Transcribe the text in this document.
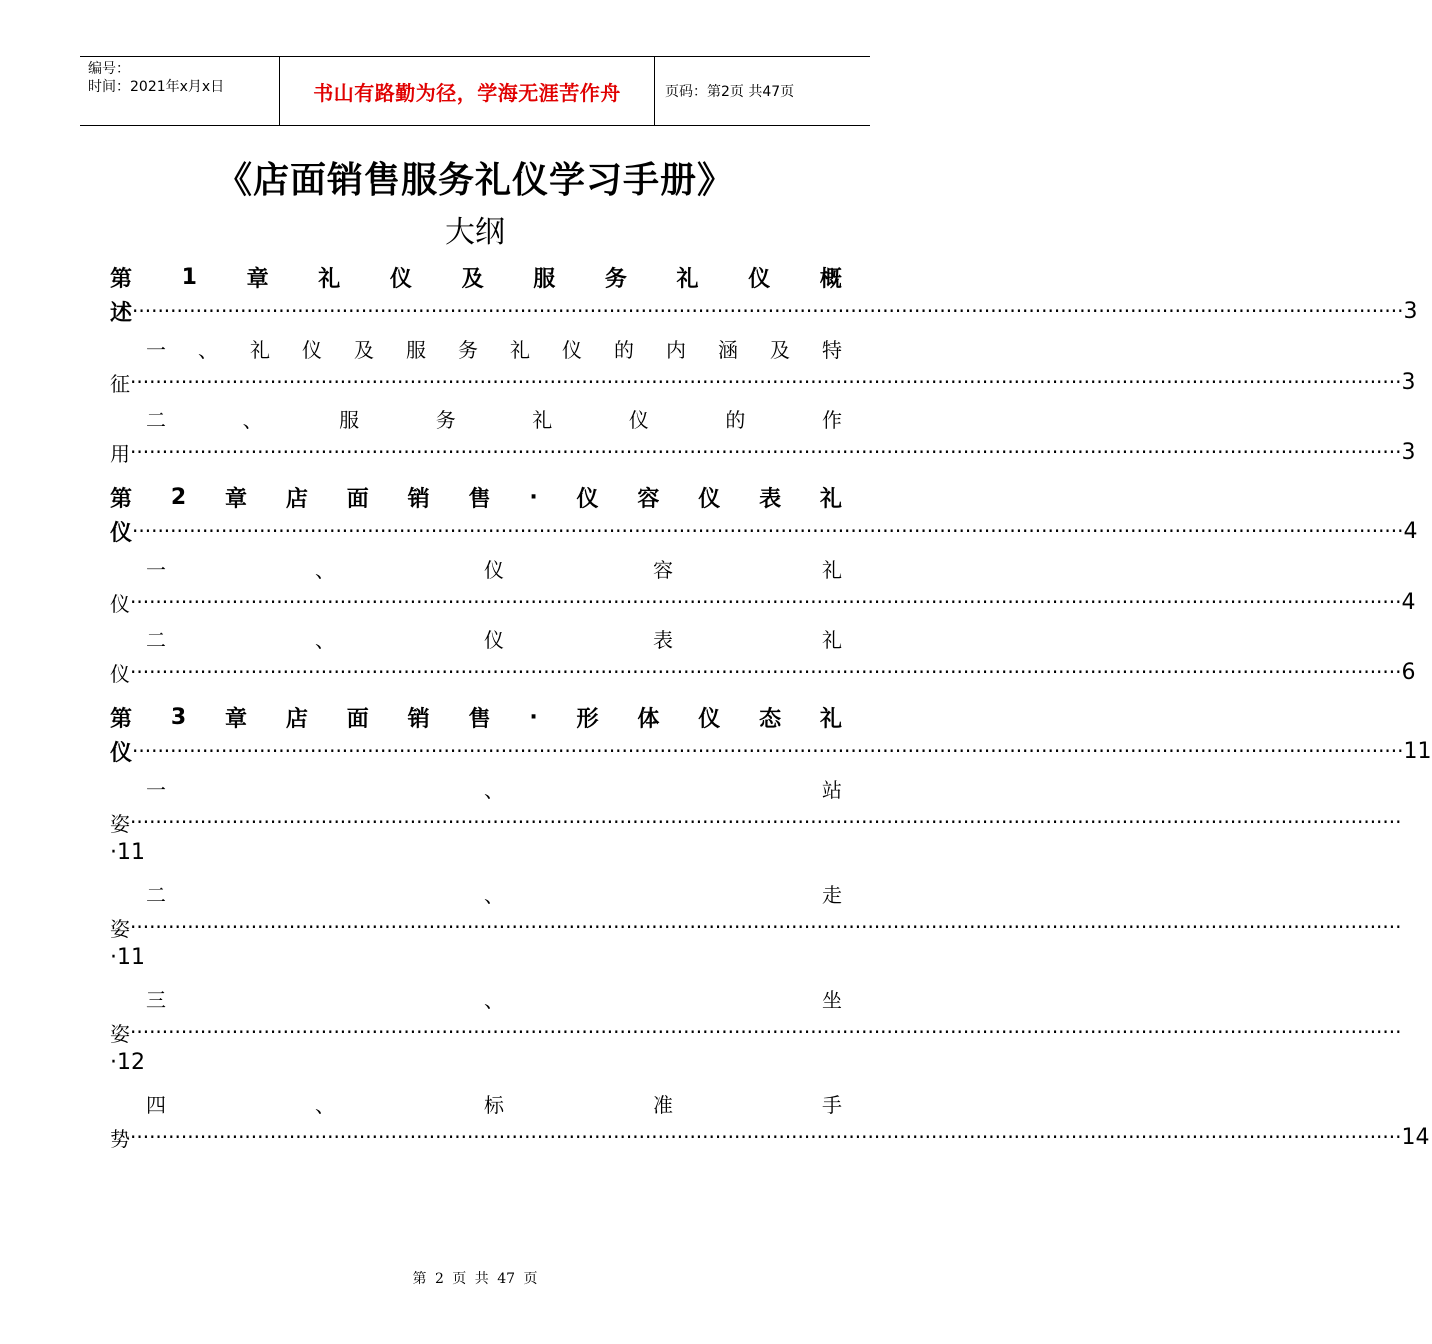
编号：
时间：2021年x月x日	书山有路勤为径，学海无涯苦作舟	页码：第2页 共47页
《店面销售服务礼仪学习手册》
大纲
第 1 章 礼 仪 及 服 务 礼 仪 概
述 ········································································································································································································ 3
一 、 礼 仪 及 服 务 礼 仪 的 内 涵 及 特
征 ········································································································································································································ 3
二	、	服	务	礼	仪	的	作
用 ········································································································································································································ 3
第 2 章 店 面 销 售 · 仪 容 仪 表 礼
仪 ········································································································································································································ 4
一	、	仪	容	礼
仪 ········································································································································································································ 4
二	、	仪	表	礼
仪 ········································································································································································································ 6
第 3 章 店 面 销 售 · 形 体 仪 态 礼
仪 ········································································································································································································ 11
一	、	站
姿 ········································································································································································································
·11
二	、	走
姿 ········································································································································································································
·11
三	、	坐
姿 ········································································································································································································
·12
四	、	标	准	手
势 ········································································································································································································ 14
第 2 页 共 47 页
